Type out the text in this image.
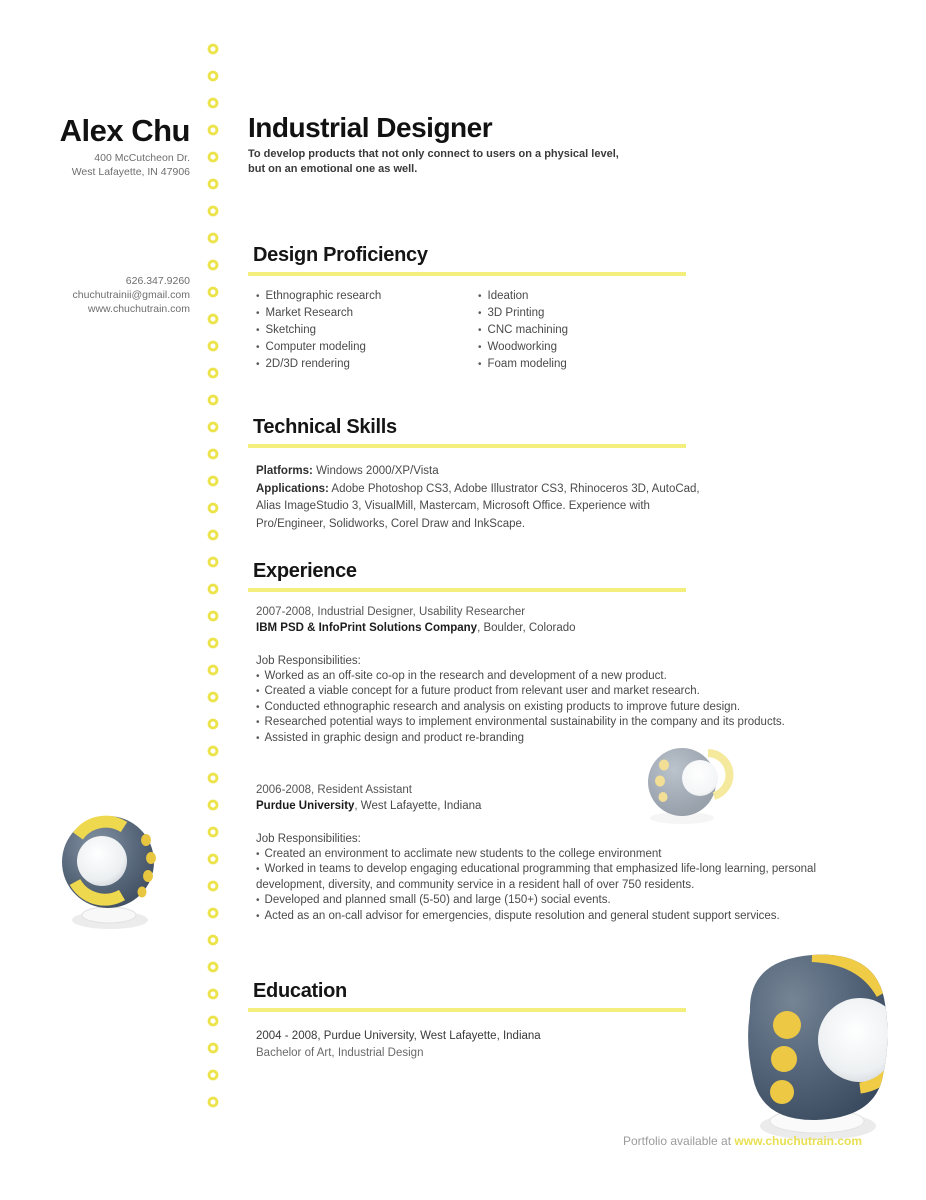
Alex Chu
400 McCutcheon Dr.
West Lafayette, IN 47906
626.347.9260
chuchutrainii@gmail.com
www.chuchutrain.com
Industrial Designer
To develop products that not only connect to users on a physical level,
but on an emotional one as well.
Design Proficiency
• Ethnographic research
• Market Research
• Sketching
• Computer modeling
• 2D/3D rendering
• Ideation
• 3D Printing
• CNC machining
• Woodworking
• Foam modeling
Technical Skills
Platforms: Windows 2000/XP/Vista
Applications: Adobe Photoshop CS3, Adobe Illustrator CS3, Rhinoceros 3D, AutoCad, Alias ImageStudio 3, VisualMill, Mastercam, Microsoft Office. Experience with Pro/Engineer, Solidworks, Corel Draw and InkScape.
Experience
2007-2008, Industrial Designer, Usability Researcher
IBM PSD & InfoPrint Solutions Company, Boulder, Colorado
Job Responsibilities:
• Worked as an off-site co-op in the research and development of a new product.
• Created a viable concept for a future product from relevant user and market research.
• Conducted ethnographic research and analysis on existing products to improve future design.
• Researched potential ways to implement environmental sustainability in the company and its products.
• Assisted in graphic design and product re-branding
2006-2008, Resident Assistant
Purdue University, West Lafayette, Indiana
Job Responsibilities:
• Created an environment to acclimate new students to the college environment
• Worked in teams to develop engaging educational programming that emphasized life-long learning, personal development, diversity, and community service in a resident hall of over 750 residents.
• Developed and planned small (5-50) and large (150+) social events.
• Acted as an on-call advisor for emergencies, dispute resolution and general student support services.
Education
2004 - 2008, Purdue University, West Lafayette, Indiana
Bachelor of Art, Industrial Design
Portfolio available at www.chuchutrain.com
